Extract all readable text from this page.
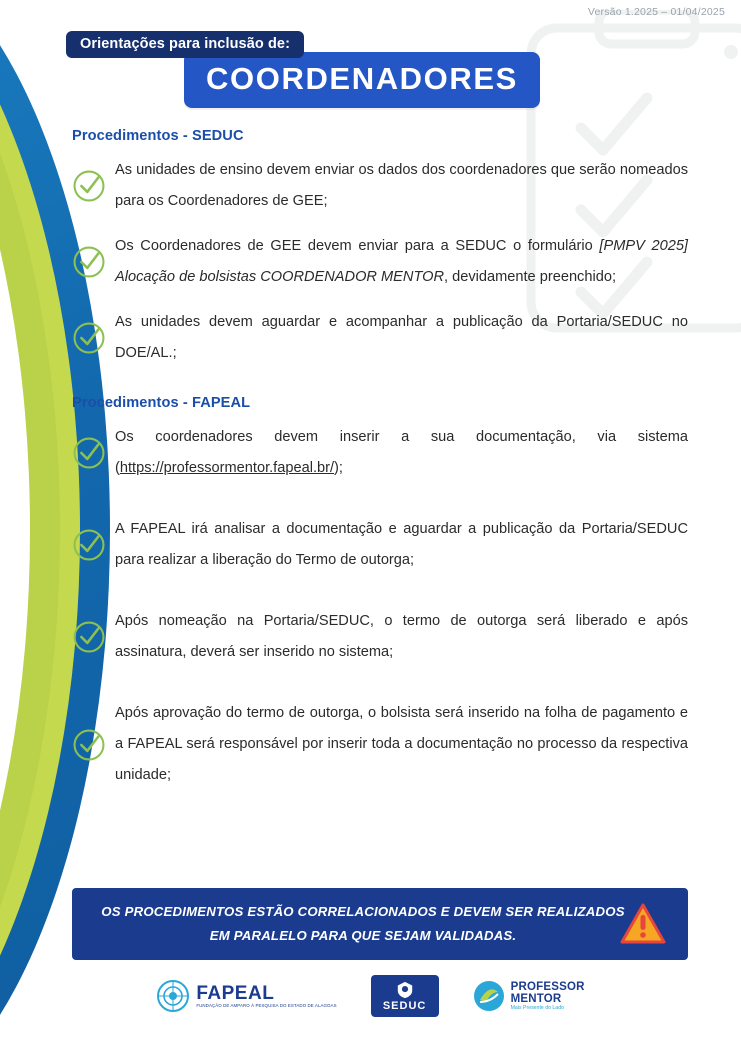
Versão 1.2025 – 01/04/2025
Orientações para inclusão de:
COORDENADORES
Procedimentos - SEDUC
As unidades de ensino devem enviar os dados dos coordenadores que serão nomeados para os Coordenadores de GEE;
Os Coordenadores de GEE devem enviar para a SEDUC o formulário [PMPV 2025] Alocação de bolsistas COORDENADOR MENTOR, devidamente preenchido;
As unidades devem aguardar e acompanhar a publicação da Portaria/SEDUC no DOE/AL.;
Procedimentos - FAPEAL
Os coordenadores devem inserir a sua documentação, via sistema (https://professormentor.fapeal.br/);
A FAPEAL irá analisar a documentação e aguardar a publicação da Portaria/SEDUC para realizar a liberação do Termo de outorga;
Após nomeação na Portaria/SEDUC, o termo de outorga será liberado e após assinatura, deverá ser inserido no sistema;
Após aprovação do termo de outorga, o bolsista será inserido na folha de pagamento e a FAPEAL será responsável por inserir toda a documentação no processo da respectiva unidade;
OS PROCEDIMENTOS ESTÃO CORRELACIONADOS E DEVEM SER REALIZADOS
EM PARALELO PARA QUE SEJAM VALIDADAS.
FAPEAL
FUNDAÇÃO DE AMPARO À PESQUISA DO ESTADO DE ALAGOAS	SEDUC
PROFESSOR
MENTOR
Mais Presente do Lado
